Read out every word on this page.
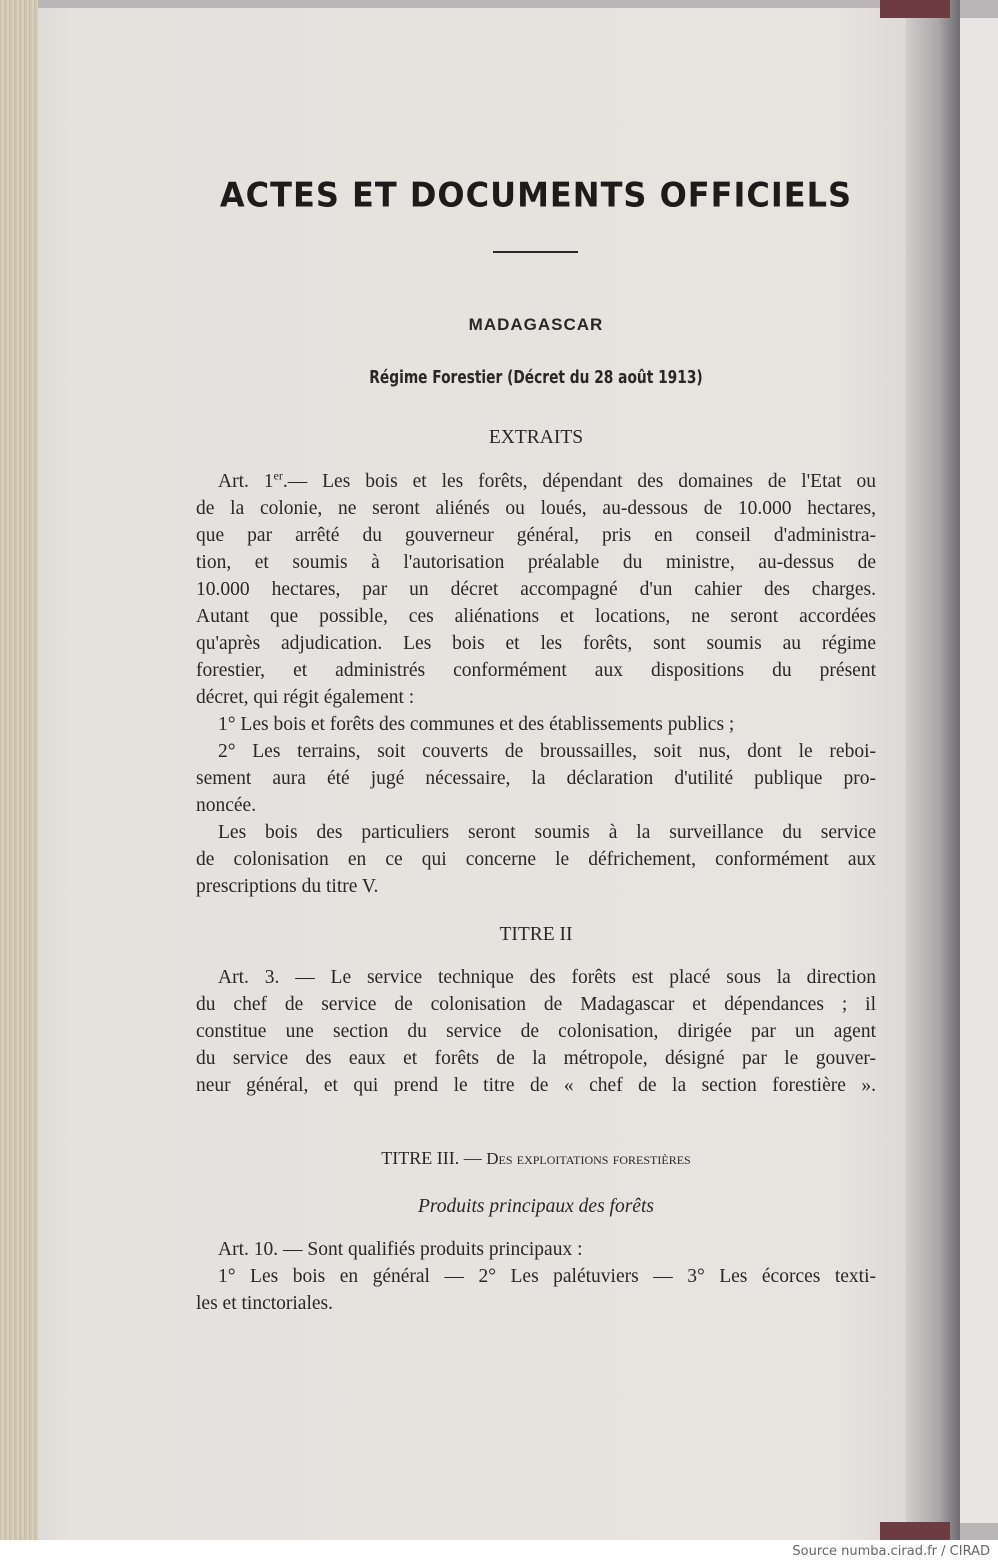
ACTES ET DOCUMENTS OFFICIELS
MADAGASCAR
Régime Forestier (Décret du 28 août 1913)
EXTRAITS
Art. 1er.— Les bois et les forêts, dépendant des domaines de l'Etat ou
de la colonie, ne seront aliénés ou loués, au-dessous de 10.000 hectares,
que par arrêté du gouverneur général, pris en conseil d'administra-
tion, et soumis à l'autorisation préalable du ministre, au-dessus de
10.000 hectares, par un décret accompagné d'un cahier des charges.
Autant que possible, ces aliénations et locations, ne seront accordées
qu'après adjudication. Les bois et les forêts, sont soumis au régime
forestier, et administrés conformément aux dispositions du présent
décret, qui régit également :
1° Les bois et forêts des communes et des établissements publics ;
2° Les terrains, soit couverts de broussailles, soit nus, dont le reboi-
sement aura été jugé nécessaire, la déclaration d'utilité publique pro-
noncée.
Les bois des particuliers seront soumis à la surveillance du service
de colonisation en ce qui concerne le défrichement, conformément aux
prescriptions du titre V.
TITRE II
Art. 3. — Le service technique des forêts est placé sous la direction
du chef de service de colonisation de Madagascar et dépendances ; il
constitue une section du service de colonisation, dirigée par un agent
du service des eaux et forêts de la métropole, désigné par le gouver-
neur général, et qui prend le titre de « chef de la section forestière ».
TITRE III. — Des exploitations forestières
Produits principaux des forêts
Art. 10. — Sont qualifiés produits principaux :
1° Les bois en général — 2° Les palétuviers — 3° Les écorces texti-
les et tinctoriales.
Source numba.cirad.fr / CIRAD
